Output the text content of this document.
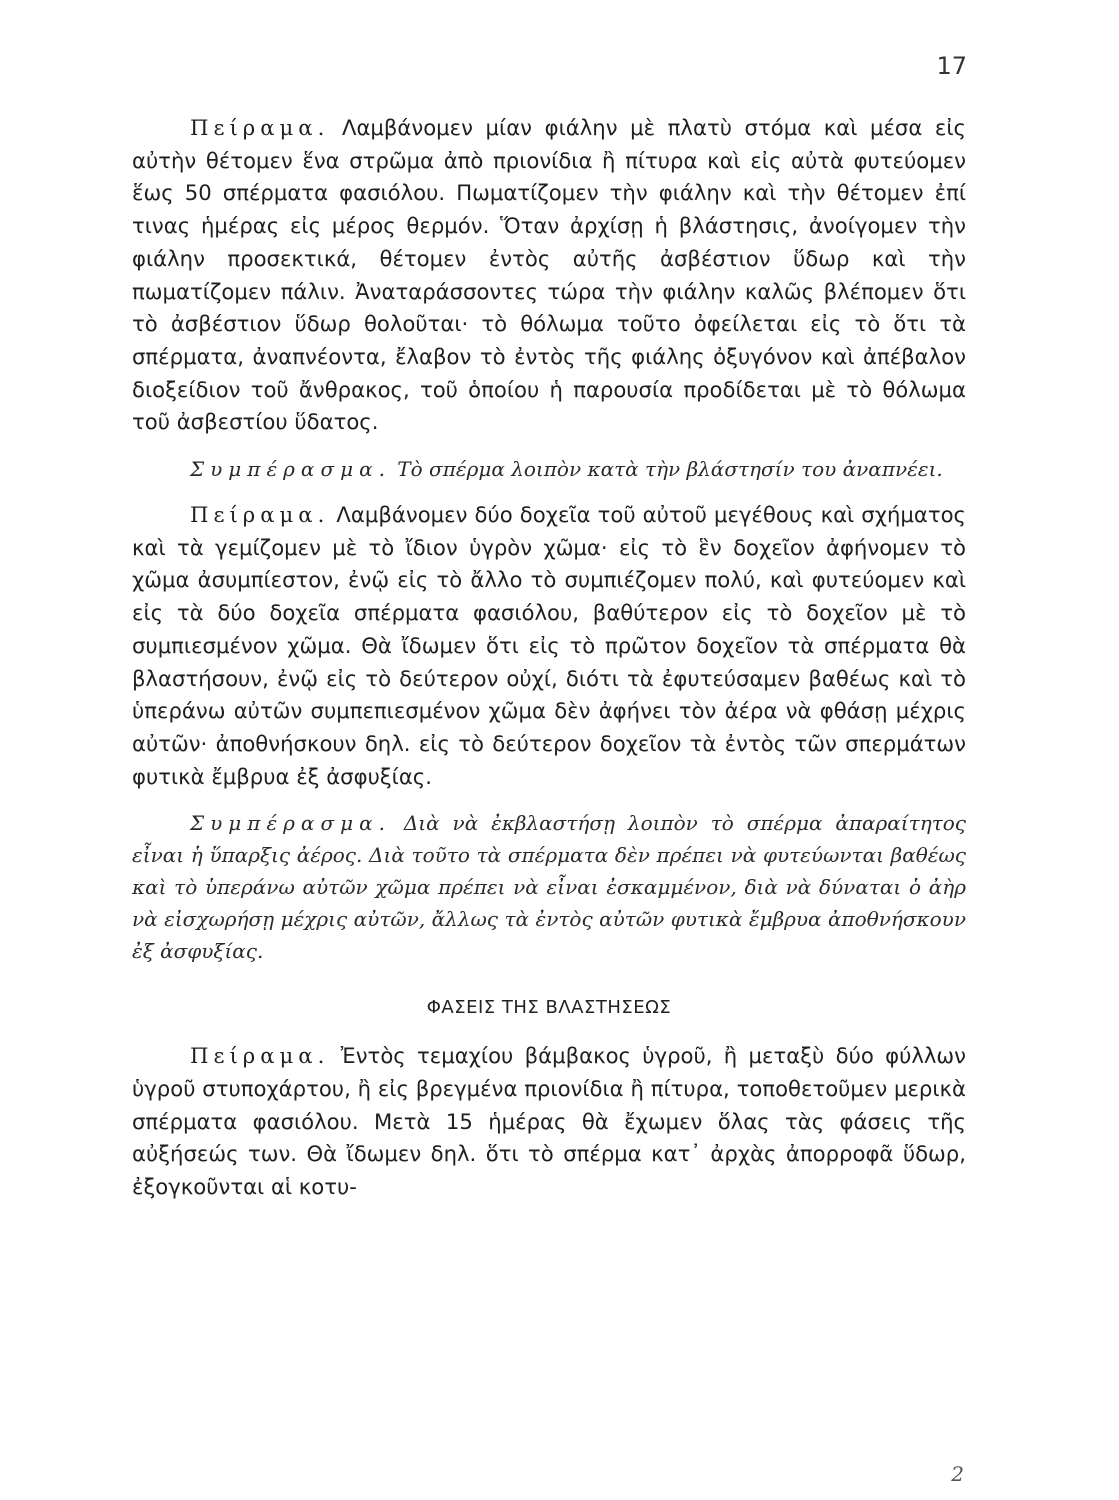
17

Πείραμα. Λαμβάνομεν μίαν φιάλην μὲ πλατὺ στόμα καὶ μέσα εἰς αὐτὴν θέτομεν ἕνα στρῶμα ἀπὸ πριονίδια ἢ πίτυρα καὶ εἰς αὐτὰ φυτεύομεν ἕως 50 σπέρματα φασιόλου. Πωματίζομεν τὴν φιάλην καὶ τὴν θέτομεν ἐπί τινας ἡμέρας εἰς μέρος θερμόν. Ὅταν ἀρχίσῃ ἡ βλάστησις, ἀνοίγομεν τὴν φιάλην προσεκτικά, θέτομεν ἐντὸς αὐτῆς ἀσβέστιον ὕδωρ καὶ τὴν πωματίζομεν πάλιν. Ἀναταράσσοντες τώρα τὴν φιάλην καλῶς βλέπομεν ὅτι τὸ ἀσβέστιον ὕδωρ θολοῦται· τὸ θόλωμα τοῦτο ὀφείλεται εἰς τὸ ὅτι τὰ σπέρματα, ἀναπνέοντα, ἔλαβον τὸ ἐντὸς τῆς φιάλης ὀξυγόνον καὶ ἀπέβαλον διοξείδιον τοῦ ἄνθρακος, τοῦ ὁποίου ἡ παρουσία προδίδεται μὲ τὸ θόλωμα τοῦ ἀσβεστίου ὕδατος.

Συμπέρασμα. Τὸ σπέρμα λοιπὸν κατὰ τὴν βλάστησίν του ἀναπνέει.

Πείραμα. Λαμβάνομεν δύο δοχεῖα τοῦ αὐτοῦ μεγέθους καὶ σχήματος καὶ τὰ γεμίζομεν μὲ τὸ ἴδιον ὑγρὸν χῶμα· εἰς τὸ ἓν δοχεῖον ἀφήνομεν τὸ χῶμα ἀσυμπίεστον, ἐνῷ εἰς τὸ ἄλλο τὸ συμπιέζομεν πολύ, καὶ φυτεύομεν καὶ εἰς τὰ δύο δοχεῖα σπέρματα φασιόλου, βαθύτερον εἰς τὸ δοχεῖον μὲ τὸ συμπιεσμένον χῶμα. Θὰ ἴδωμεν ὅτι εἰς τὸ πρῶτον δοχεῖον τὰ σπέρματα θὰ βλαστήσουν, ἐνῷ εἰς τὸ δεύτερον οὐχί, διότι τὰ ἐφυτεύσαμεν βαθέως καὶ τὸ ὑπεράνω αὐτῶν συμπεπιεσμένον χῶμα δὲν ἀφήνει τὸν ἀέρα νὰ φθάσῃ μέχρις αὐτῶν· ἀποθνήσκουν δηλ. εἰς τὸ δεύτερον δοχεῖον τὰ ἐντὸς τῶν σπερμάτων φυτικὰ ἔμβρυα ἐξ ἀσφυξίας.

Συμπέρασμα. Διὰ νὰ ἐκβλαστήσῃ λοιπὸν τὸ σπέρμα ἀπαραίτητος εἶναι ἡ ὕπαρξις ἀέρος. Διὰ τοῦτο τὰ σπέρματα δὲν πρέπει νὰ φυτεύωνται βαθέως καὶ τὸ ὑπεράνω αὐτῶν χῶμα πρέπει νὰ εἶναι ἐσκαμμένον, διὰ νὰ δύναται ὁ ἀὴρ νὰ εἰσχωρήσῃ μέχρις αὐτῶν, ἄλλως τὰ ἐντὸς αὐτῶν φυτικὰ ἔμβρυα ἀποθνήσκουν ἐξ ἀσφυξίας.

ΦΑΣΕΙΣ ΤΗΣ ΒΛΑΣΤΗΣΕΩΣ

Πείραμα. Ἐντὸς τεμαχίου βάμβακος ὑγροῦ, ἢ μεταξὺ δύο φύλλων ὑγροῦ στυποχάρτου, ἢ εἰς βρεγμένα πριονίδια ἢ πίτυρα, τοποθετοῦμεν μερικὰ σπέρματα φασιόλου. Μετὰ 15 ἡμέρας θὰ ἔχωμεν ὅλας τὰς φάσεις τῆς αὐξήσεώς των. Θὰ ἴδωμεν δηλ. ὅτι τὸ σπέρμα κατ᾿ ἀρχὰς ἀπορροφᾶ ὕδωρ, ἐξογκοῦνται αἱ κοτυ-

2
